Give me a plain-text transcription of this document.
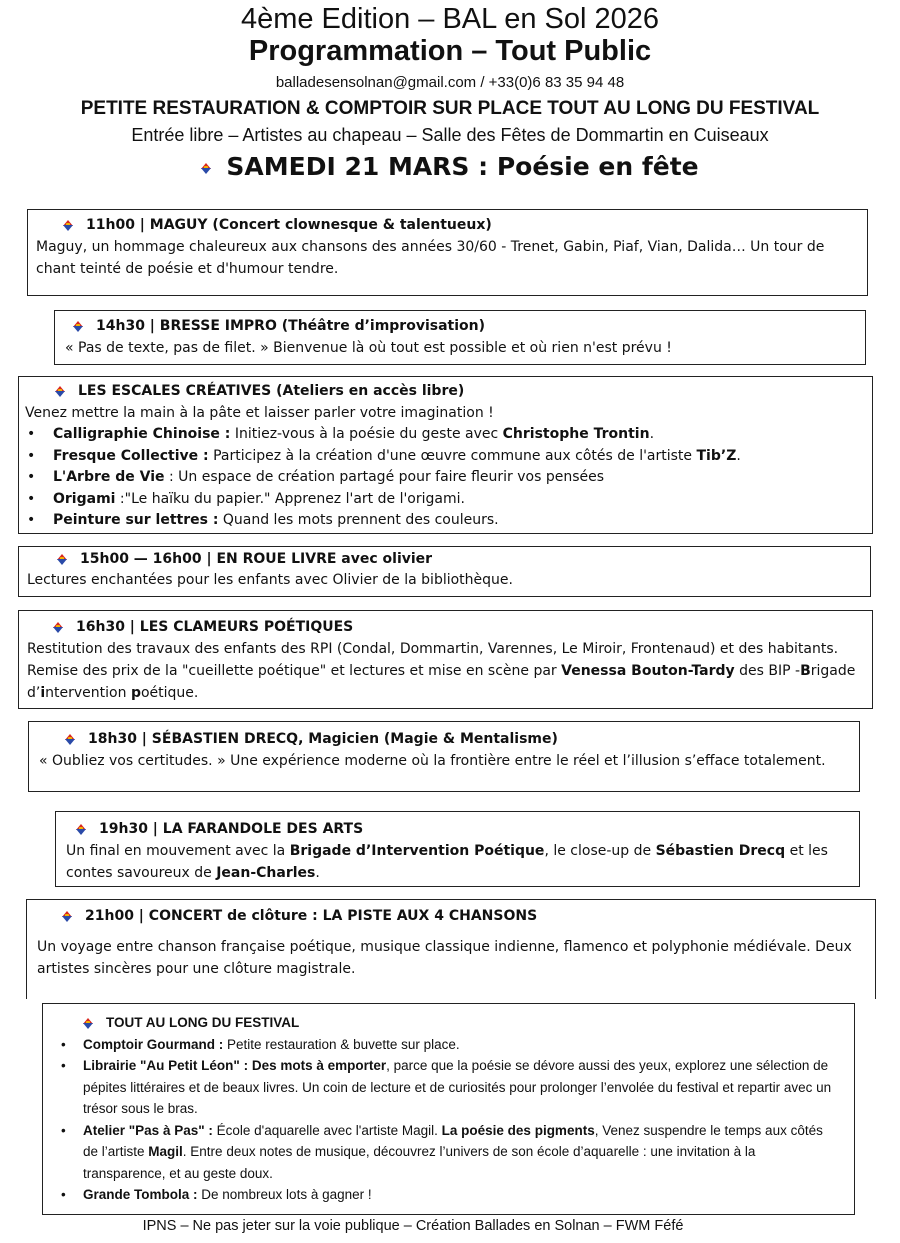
4ème Edition – BAL en Sol 2026
Programmation – Tout Public
balladesensolnan@gmail.com / +33(0)6 83 35 94 48
PETITE RESTAURATION & COMPTOIR SUR PLACE TOUT AU LONG DU FESTIVAL
Entrée libre – Artistes au chapeau – Salle des Fêtes de Dommartin en Cuiseaux
SAMEDI 21 MARS : Poésie en fête
11h00 | MAGUY (Concert clownesque & talentueux)

Maguy, un hommage chaleureux aux chansons des années 30/60 - Trenet, Gabin, Piaf, Vian, Dalida… Un tour de chant teinté de poésie et d'humour tendre.

14h30 | BRESSE IMPRO (Théâtre d’improvisation)

« Pas de texte, pas de filet. » Bienvenue là où tout est possible et où rien n'est prévu !

LES ESCALES CRÉATIVES (Ateliers en accès libre)

Venez mettre la main à la pâte et laisser parler votre imagination !

• Calligraphie Chinoise : Initiez-vous à la poésie du geste avec Christophe Trontin.
• Fresque Collective : Participez à la création d'une œuvre commune aux côtés de l'artiste Tib’Z.
• L'Arbre de Vie : Un espace de création partagé pour faire fleurir vos pensées
• Origami :"Le haïku du papier." Apprenez l'art de l'origami.
• Peinture sur lettres : Quand les mots prennent des couleurs.
15h00 — 16h00 | EN ROUE LIVRE avec olivier

Lectures enchantées pour les enfants avec Olivier de la bibliothèque.

16h30 | LES CLAMEURS POÉTIQUES

Restitution des travaux des enfants des RPI (Condal, Dommartin, Varennes, Le Miroir, Frontenaud) et des habitants. Remise des prix de la "cueillette poétique" et lectures et mise en scène par Venessa Bouton-Tardy des BIP -Brigade d’intervention poétique.

18h30 | SÉBASTIEN DRECQ, Magicien (Magie & Mentalisme)

« Oubliez vos certitudes. » Une expérience moderne où la frontière entre le réel et l’illusion s’efface totalement.

19h30 | LA FARANDOLE DES ARTS

Un final en mouvement avec la Brigade d’Intervention Poétique, le close-up de Sébastien Drecq et les contes savoureux de Jean-Charles.

21h00 | CONCERT de clôture : LA PISTE AUX 4 CHANSONS

Un voyage entre chanson française poétique, musique classique indienne, flamenco et polyphonie médiévale. Deux artistes sincères pour une clôture magistrale.

TOUT AU LONG DU FESTIVAL
• Comptoir Gourmand : Petite restauration & buvette sur place.
• Librairie "Au Petit Léon" : Des mots à emporter, parce que la poésie se dévore aussi des yeux, explorez une sélection de pépites littéraires et de beaux livres. Un coin de lecture et de curiosités pour prolonger l’envolée du festival et repartir avec un trésor sous le bras.
• Atelier "Pas à Pas" : École d'aquarelle avec l'artiste Magil. La poésie des pigments, Venez suspendre le temps aux côtés de l’artiste Magil. Entre deux notes de musique, découvrez l’univers de son école d’aquarelle : une invitation à la transparence, et au geste doux.
• Grande Tombola : De nombreux lots à gagner !
IPNS – Ne pas jeter sur la voie publique – Création Ballades en Solnan – FWM Féfé
